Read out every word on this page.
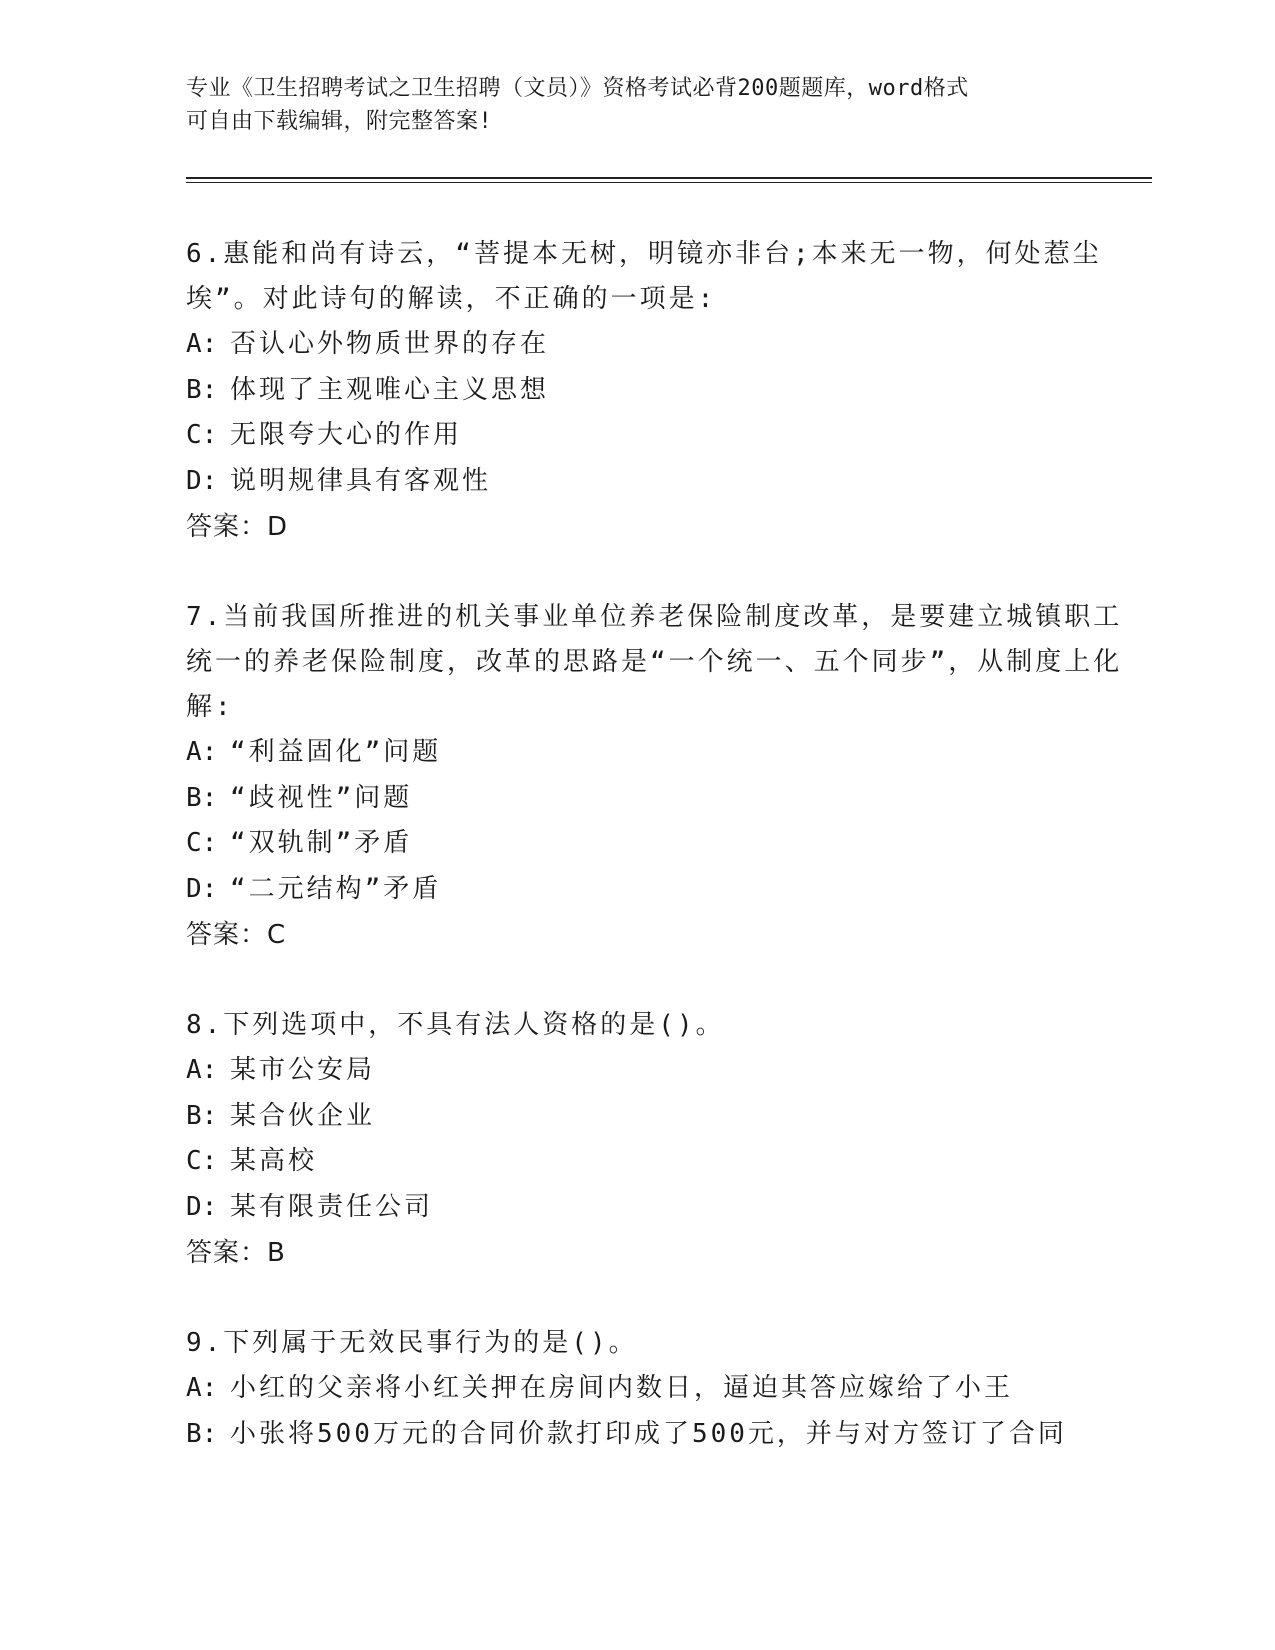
专业《卫生招聘考试之卫生招聘（文员）》资格考试必背200题题库，word格式
可自由下载编辑，附完整答案!

6.惠能和尚有诗云，“菩提本无树，明镜亦非台;本来无一物，何处惹尘埃”。对此诗句的解读，不正确的一项是:

A: 否认心外物质世界的存在

B: 体现了主观唯心主义思想

C: 无限夸大心的作用

D: 说明规律具有客观性

答案：D

7.当前我国所推进的机关事业单位养老保险制度改革，是要建立城镇职工统一的养老保险制度，改革的思路是“一个统一、五个同步”，从制度上化解:

A: “利益固化”问题

B: “歧视性”问题

C: “双轨制”矛盾

D: “二元结构”矛盾

答案：C

8.下列选项中，不具有法人资格的是()。

A: 某市公安局

B: 某合伙企业

C: 某高校

D: 某有限责任公司

答案：B

9.下列属于无效民事行为的是()。

A: 小红的父亲将小红关押在房间内数日，逼迫其答应嫁给了小王

B: 小张将500万元的合同价款打印成了500元，并与对方签订了合同
